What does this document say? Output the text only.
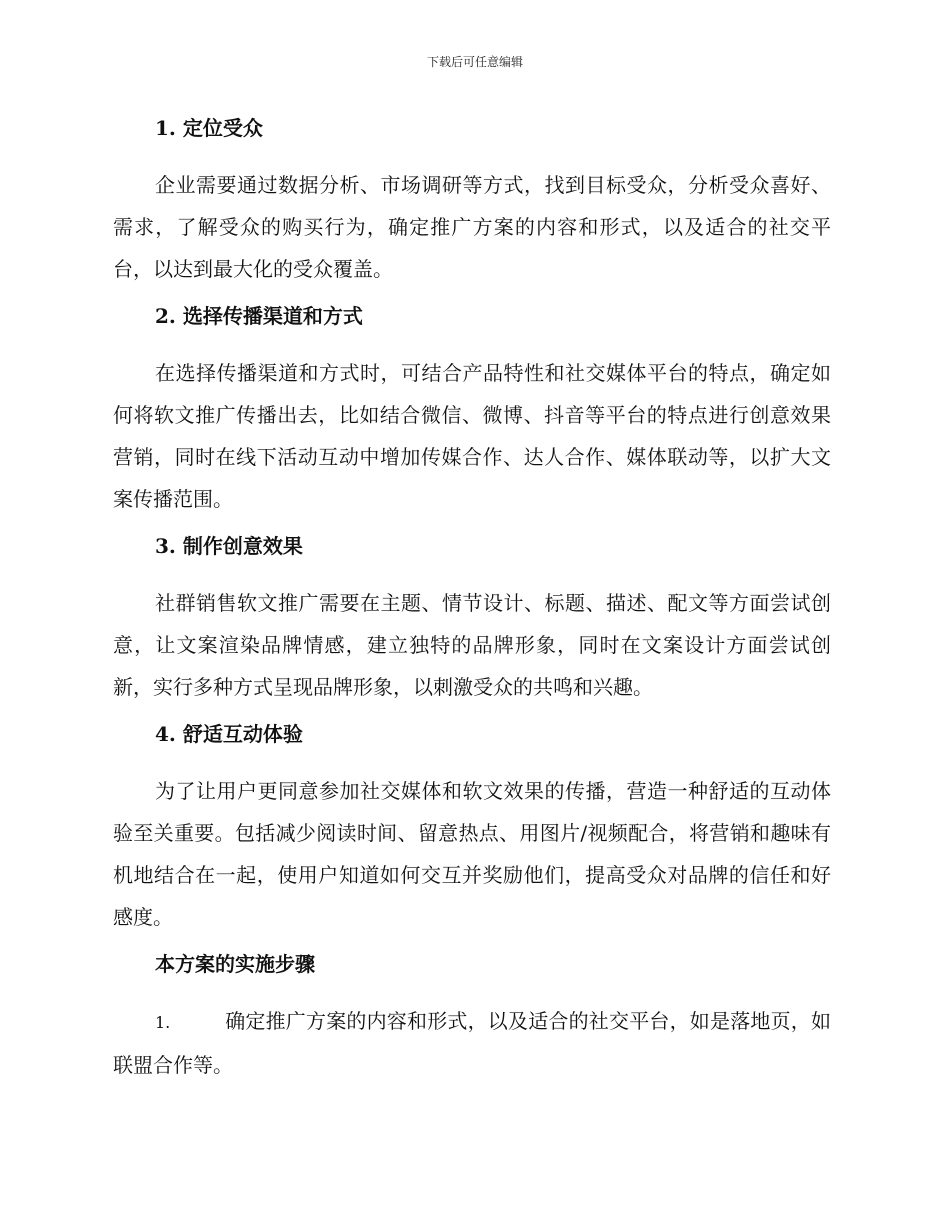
下载后可任意编辑
1. 定位受众

企业需要通过数据分析、市场调研等方式，找到目标受众，分析受众喜好、需求，了解受众的购买行为，确定推广方案的内容和形式，以及适合的社交平台，以达到最大化的受众覆盖。

2. 选择传播渠道和方式

在选择传播渠道和方式时，可结合产品特性和社交媒体平台的特点，确定如何将软文推广传播出去，比如结合微信、微博、抖音等平台的特点进行创意效果营销，同时在线下活动互动中增加传媒合作、达人合作、媒体联动等，以扩大文案传播范围。

3. 制作创意效果

社群销售软文推广需要在主题、情节设计、标题、描述、配文等方面尝试创意，让文案渲染品牌情感，建立独特的品牌形象，同时在文案设计方面尝试创新，实行多种方式呈现品牌形象，以刺激受众的共鸣和兴趣。

4. 舒适互动体验

为了让用户更同意参加社交媒体和软文效果的传播，营造一种舒适的互动体验至关重要。包括减少阅读时间、留意热点、用图片/视频配合，将营销和趣味有机地结合在一起，使用户知道如何交互并奖励他们，提高受众对品牌的信任和好感度。

本方案的实施步骤

1.	确定推广方案的内容和形式，以及适合的社交平台，如是落地页，如联盟合作等。
